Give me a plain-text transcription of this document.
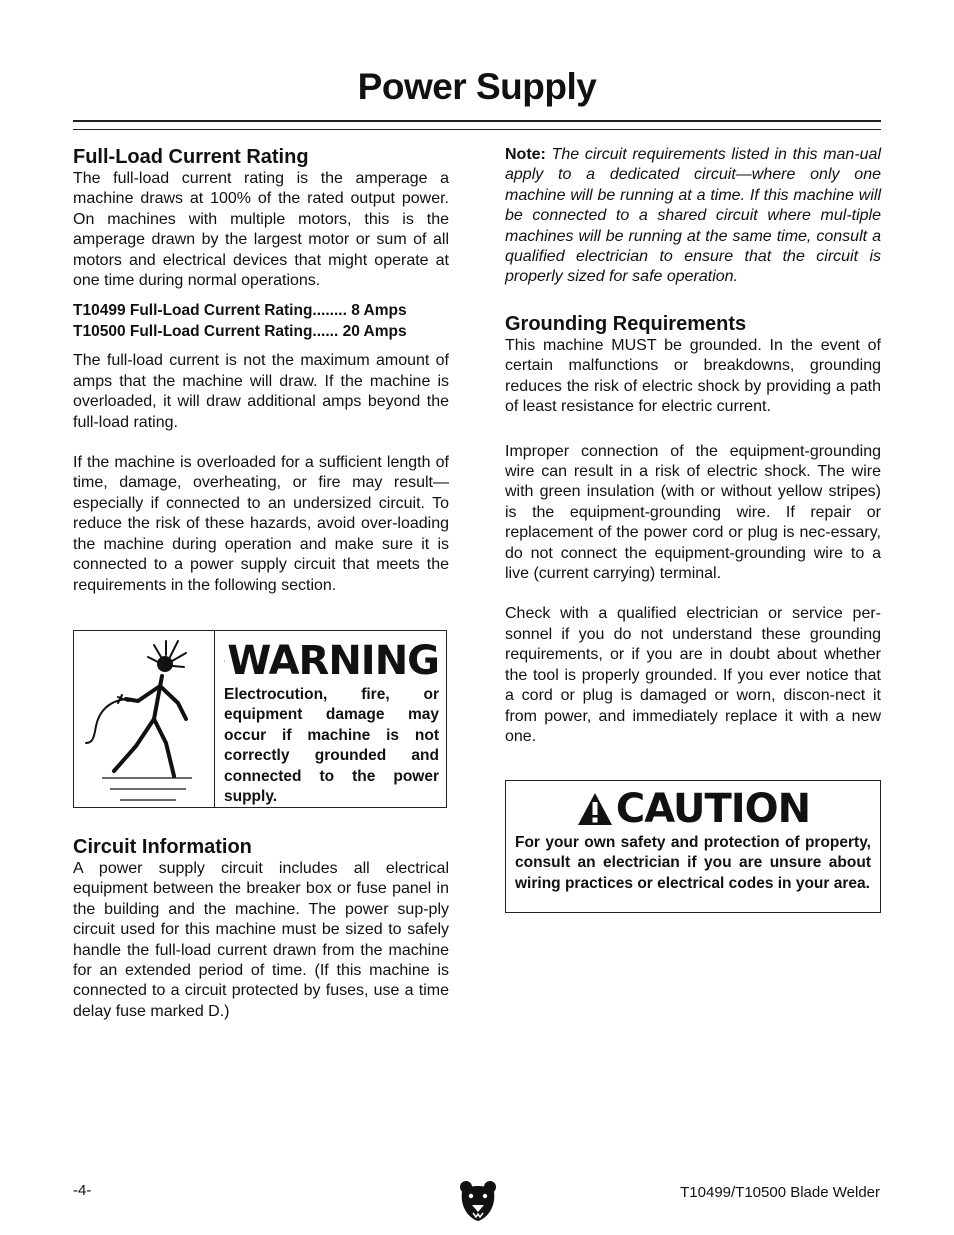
Power Supply
Full-Load Current Rating

The full-load current rating is the amperage a machine draws at 100% of the rated output power. On machines with multiple motors, this is the amperage drawn by the largest motor or sum of all motors and electrical devices that might operate at one time during normal operations.

T10499 Full-Load Current Rating ........
8 Amps
T10500 Full-Load Current Rating ......
20 Amps

The full-load current is not the maximum amount of amps that the machine will draw. If the machine is overloaded, it will draw additional amps beyond the full-load rating.

If the machine is overloaded for a sufficient length of time, damage, overheating, or fire may result—especially if connected to an undersized circuit. To reduce the risk of these hazards, avoid over-loading the machine during operation and make sure it is connected to a power supply circuit that meets the requirements in the following section.

WARNING
Electrocution, fire, or equipment damage may occur if machine is not correctly grounded and connected to the power supply.
Circuit Information

A power supply circuit includes all electrical equipment between the breaker box or fuse panel in the building and the machine. The power sup-ply circuit used for this machine must be sized to safely handle the full-load current drawn from the machine for an extended period of time. (If this machine is connected to a circuit protected by fuses, use a time delay fuse marked D.)

Note: The circuit requirements listed in this man-ual apply to a dedicated circuit—where only one machine will be running at a time. If this machine will be connected to a shared circuit where mul-tiple machines will be running at the same time, consult a qualified electrician to ensure that the circuit is properly sized for safe operation.

Grounding Requirements

This machine MUST be grounded. In the event of certain malfunctions or breakdowns, grounding reduces the risk of electric shock by providing a path of least resistance for electric current.

Improper connection of the equipment-grounding wire can result in a risk of electric shock. The wire with green insulation (with or without yellow stripes) is the equipment-grounding wire. If repair or replacement of the power cord or plug is nec-essary, do not connect the equipment-grounding wire to a live (current carrying) terminal.

Check with a qualified electrician or service per-sonnel if you do not understand these grounding requirements, or if you are in doubt about whether the tool is properly grounded. If you ever notice that a cord or plug is damaged or worn, discon-nect it from power, and immediately replace it with a new one.

CAUTION
For your own safety and protection of property, consult an electrician if you are unsure about wiring practices or electrical codes in your area.
-4-	T10499/T10500 Blade Welder
